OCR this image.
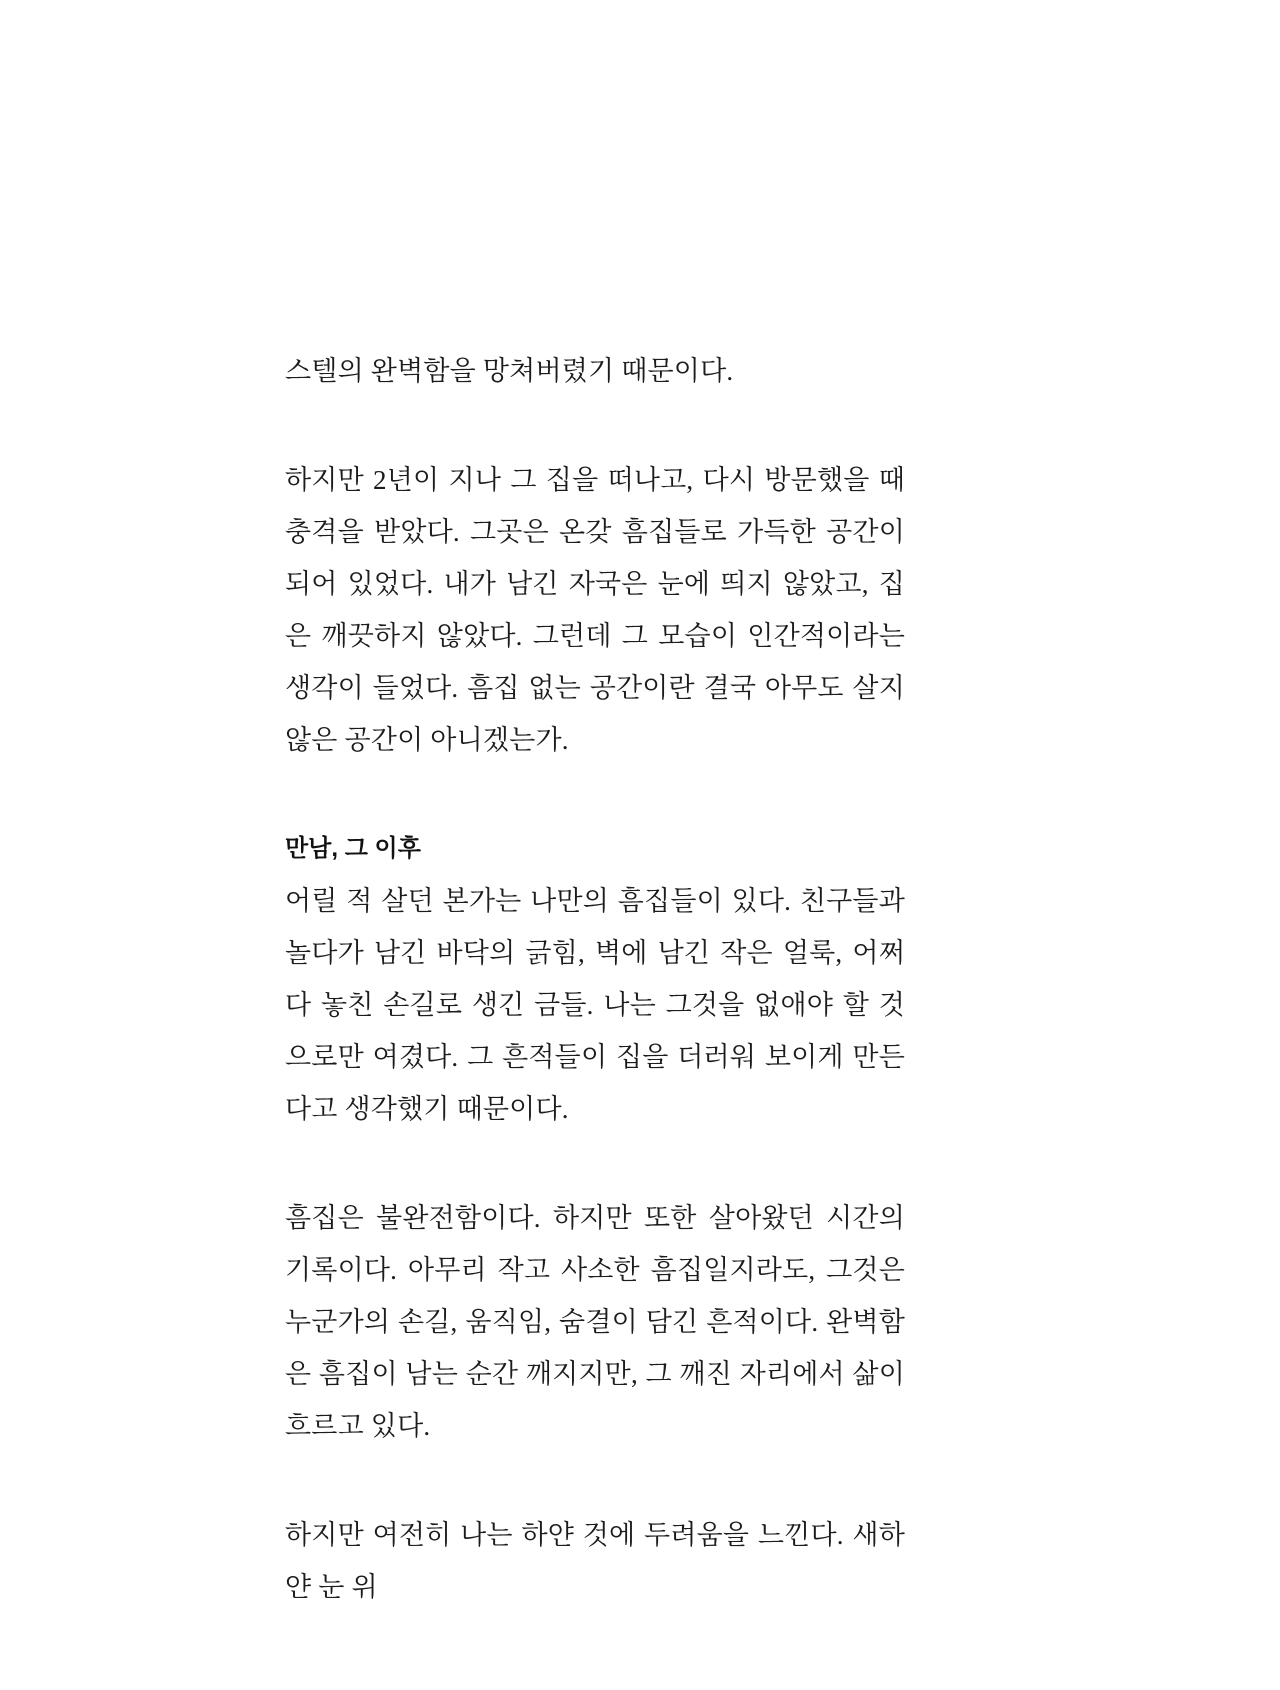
스텔의 완벽함을 망쳐버렸기 때문이다.

하지만 2년이 지나 그 집을 떠나고, 다시 방문했을 때 충격을 받았다. 그곳은 온갖 흠집들로 가득한 공간이 되어 있었다. 내가 남긴 자국은 눈에 띄지 않았고, 집은 깨끗하지 않았다. 그런데 그 모습이 인간적이라는 생각이 들었다. 흠집 없는 공간이란 결국 아무도 살지 않은 공간이 아니겠는가.

만남, 그 이후

어릴 적 살던 본가는 나만의 흠집들이 있다. 친구들과 놀다가 남긴 바닥의 긁힘, 벽에 남긴 작은 얼룩, 어쩌다 놓친 손길로 생긴 금들. 나는 그것을 없애야 할 것으로만 여겼다. 그 흔적들이 집을 더러워 보이게 만든다고 생각했기 때문이다.

흠집은 불완전함이다. 하지만 또한 살아왔던 시간의 기록이다. 아무리 작고 사소한 흠집일지라도, 그것은 누군가의 손길, 움직임, 숨결이 담긴 흔적이다. 완벽함은 흠집이 남는 순간 깨지지만, 그 깨진 자리에서 삶이 흐르고 있다.

하지만 여전히 나는 하얀 것에 두려움을 느낀다. 새하얀 눈 위
